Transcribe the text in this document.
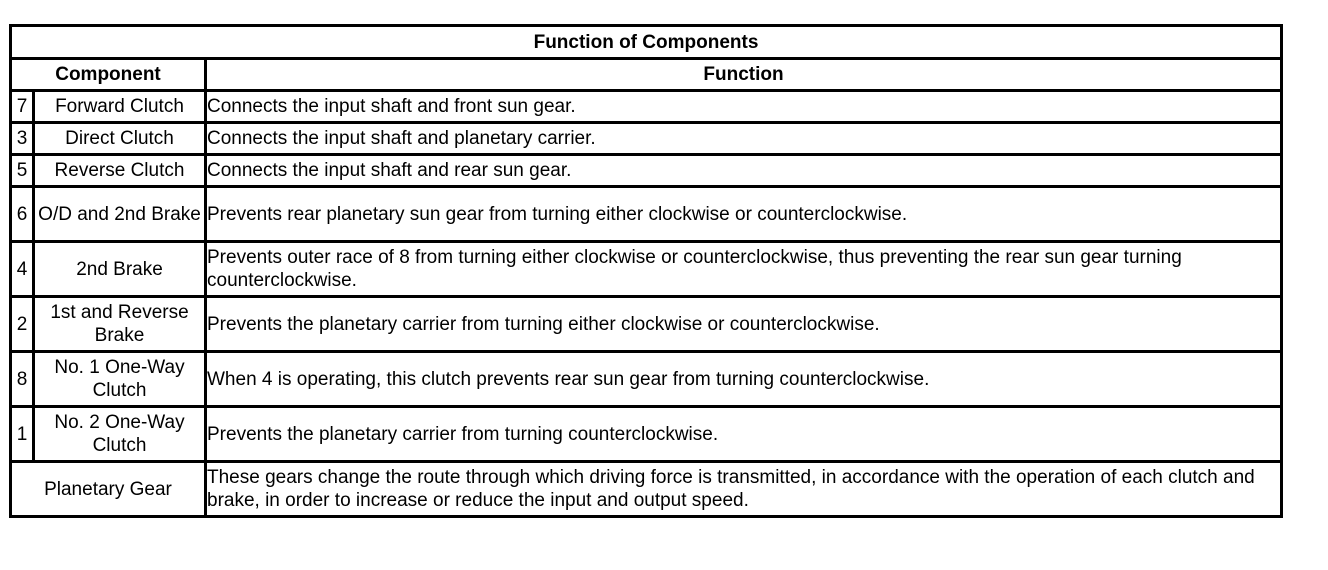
Function of Components		
Component		Function
7	Forward Clutch	Connects the input shaft and front sun gear.
3	Direct Clutch	Connects the input shaft and planetary carrier.
5	Reverse Clutch	Connects the input shaft and rear sun gear.
6	O/D and 2nd Brake	Prevents rear planetary sun gear from turning either clockwise or counterclockwise.
4	2nd Brake	Prevents outer race of 8 from turning either clockwise or counterclockwise, thus preventing the rear sun gear turning counterclockwise.
2	1st and Reverse Brake	Prevents the planetary carrier from turning either clockwise or counterclockwise.
8	No. 1 One-Way Clutch	When 4 is operating, this clutch prevents rear sun gear from turning counterclockwise.
1	No. 2 One-Way Clutch	Prevents the planetary carrier from turning counterclockwise.
Planetary Gear		These gears change the route through which driving force is transmitted, in accordance with the operation of each clutch and brake, in order to increase or reduce the input and output speed.
